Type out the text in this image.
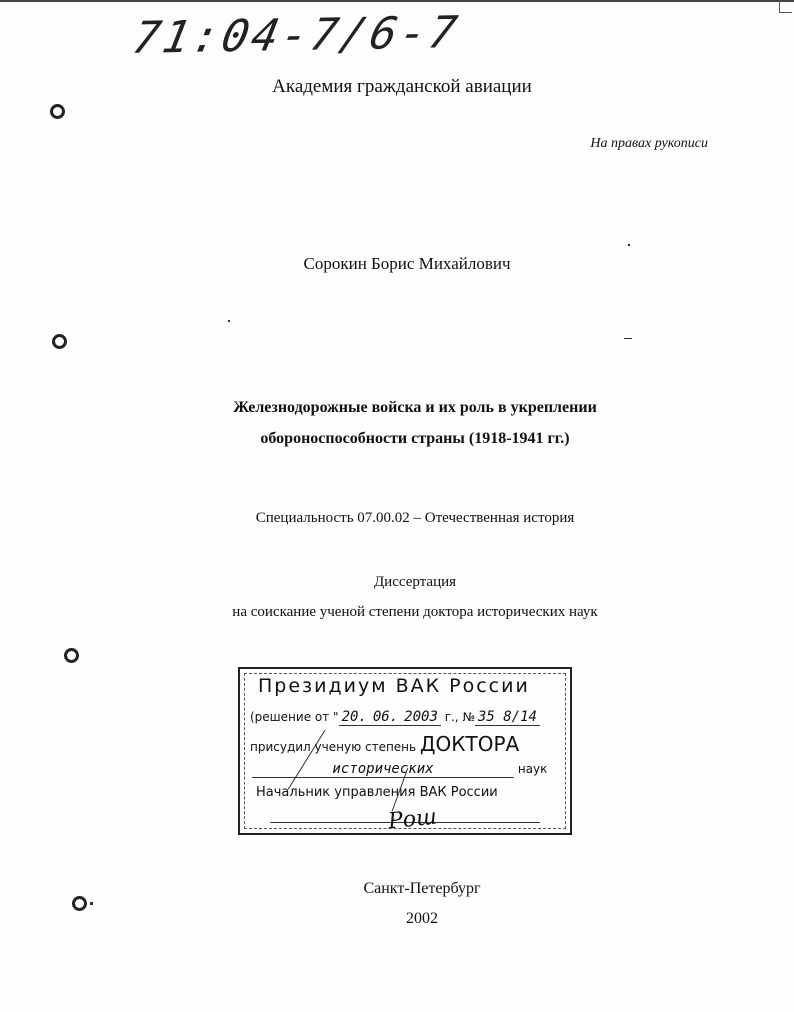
71:04-7/6-7
Академия гражданской авиации
На правах рукописи
Сорокин Борис Михайлович
Железнодорожные войска и их роль в укреплении
обороноспособности страны (1918-1941 гг.)
Специальность 07.00.02 – Отечественная история
Диссертация
на соискание ученой степени доктора исторических наук
Президиум ВАК России
(решение от " 20. 06. 2003 г., № 35 8/14
присудил ученую степень ДОКТОРА
исторических	наук
Начальник управления ВАК России
Рош
Санкт-Петербург
2002
